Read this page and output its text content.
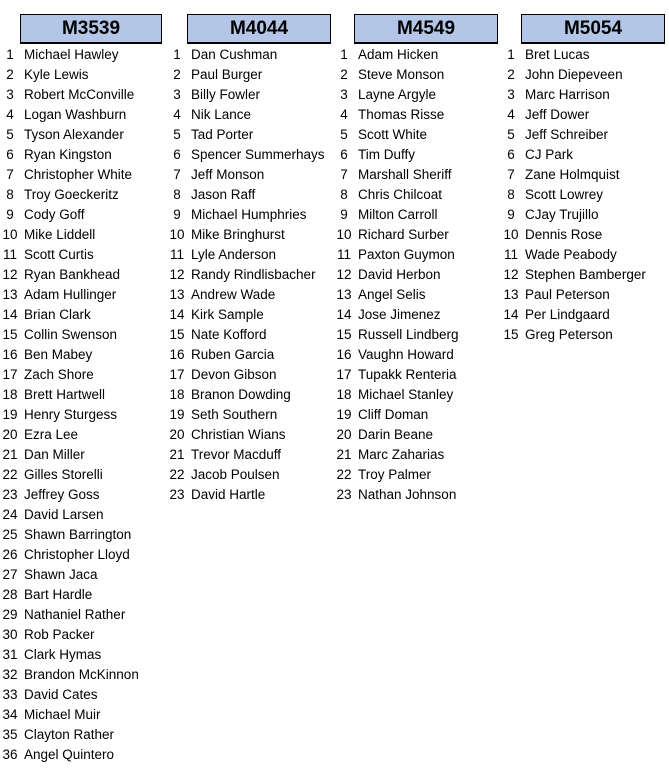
M3539
1 Michael Hawley
2 Kyle Lewis
3 Robert McConville
4 Logan Washburn
5 Tyson Alexander
6 Ryan Kingston
7 Christopher White
8 Troy Goeckeritz
9 Cody Goff
10 Mike Liddell
11 Scott Curtis
12 Ryan Bankhead
13 Adam Hullinger
14 Brian Clark
15 Collin Swenson
16 Ben Mabey
17 Zach Shore
18 Brett Hartwell
19 Henry Sturgess
20 Ezra Lee
21 Dan Miller
22 Gilles Storelli
23 Jeffrey Goss
24 David Larsen
25 Shawn Barrington
26 Christopher Lloyd
27 Shawn Jaca
28 Bart Hardle
29 Nathaniel Rather
30 Rob Packer
31 Clark Hymas
32 Brandon McKinnon
33 David Cates
34 Michael Muir
35 Clayton Rather
36 Angel Quintero
M4044
1 Dan Cushman
2 Paul Burger
3 Billy Fowler
4 Nik Lance
5 Tad Porter
6 Spencer Summerhays
7 Jeff Monson
8 Jason Raff
9 Michael Humphries
10 Mike Bringhurst
11 Lyle Anderson
12 Randy Rindlisbacher
13 Andrew Wade
14 Kirk Sample
15 Nate Kofford
16 Ruben Garcia
17 Devon Gibson
18 Branon Dowding
19 Seth Southern
20 Christian Wians
21 Trevor Macduff
22 Jacob Poulsen
23 David Hartle
M4549
1 Adam Hicken
2 Steve Monson
3 Layne Argyle
4 Thomas Risse
5 Scott White
6 Tim Duffy
7 Marshall Sheriff
8 Chris Chilcoat
9 Milton Carroll
10 Richard Surber
11 Paxton Guymon
12 David Herbon
13 Angel Selis
14 Jose Jimenez
15 Russell Lindberg
16 Vaughn Howard
17 Tupakk Renteria
18 Michael Stanley
19 Cliff Doman
20 Darin Beane
21 Marc Zaharias
22 Troy Palmer
23 Nathan Johnson
M5054
1 Bret Lucas
2 John Diepeveen
3 Marc Harrison
4 Jeff Dower
5 Jeff Schreiber
6 CJ Park
7 Zane Holmquist
8 Scott Lowrey
9 CJay Trujillo
10 Dennis Rose
11 Wade Peabody
12 Stephen Bamberger
13 Paul Peterson
14 Per Lindgaard
15 Greg Peterson
